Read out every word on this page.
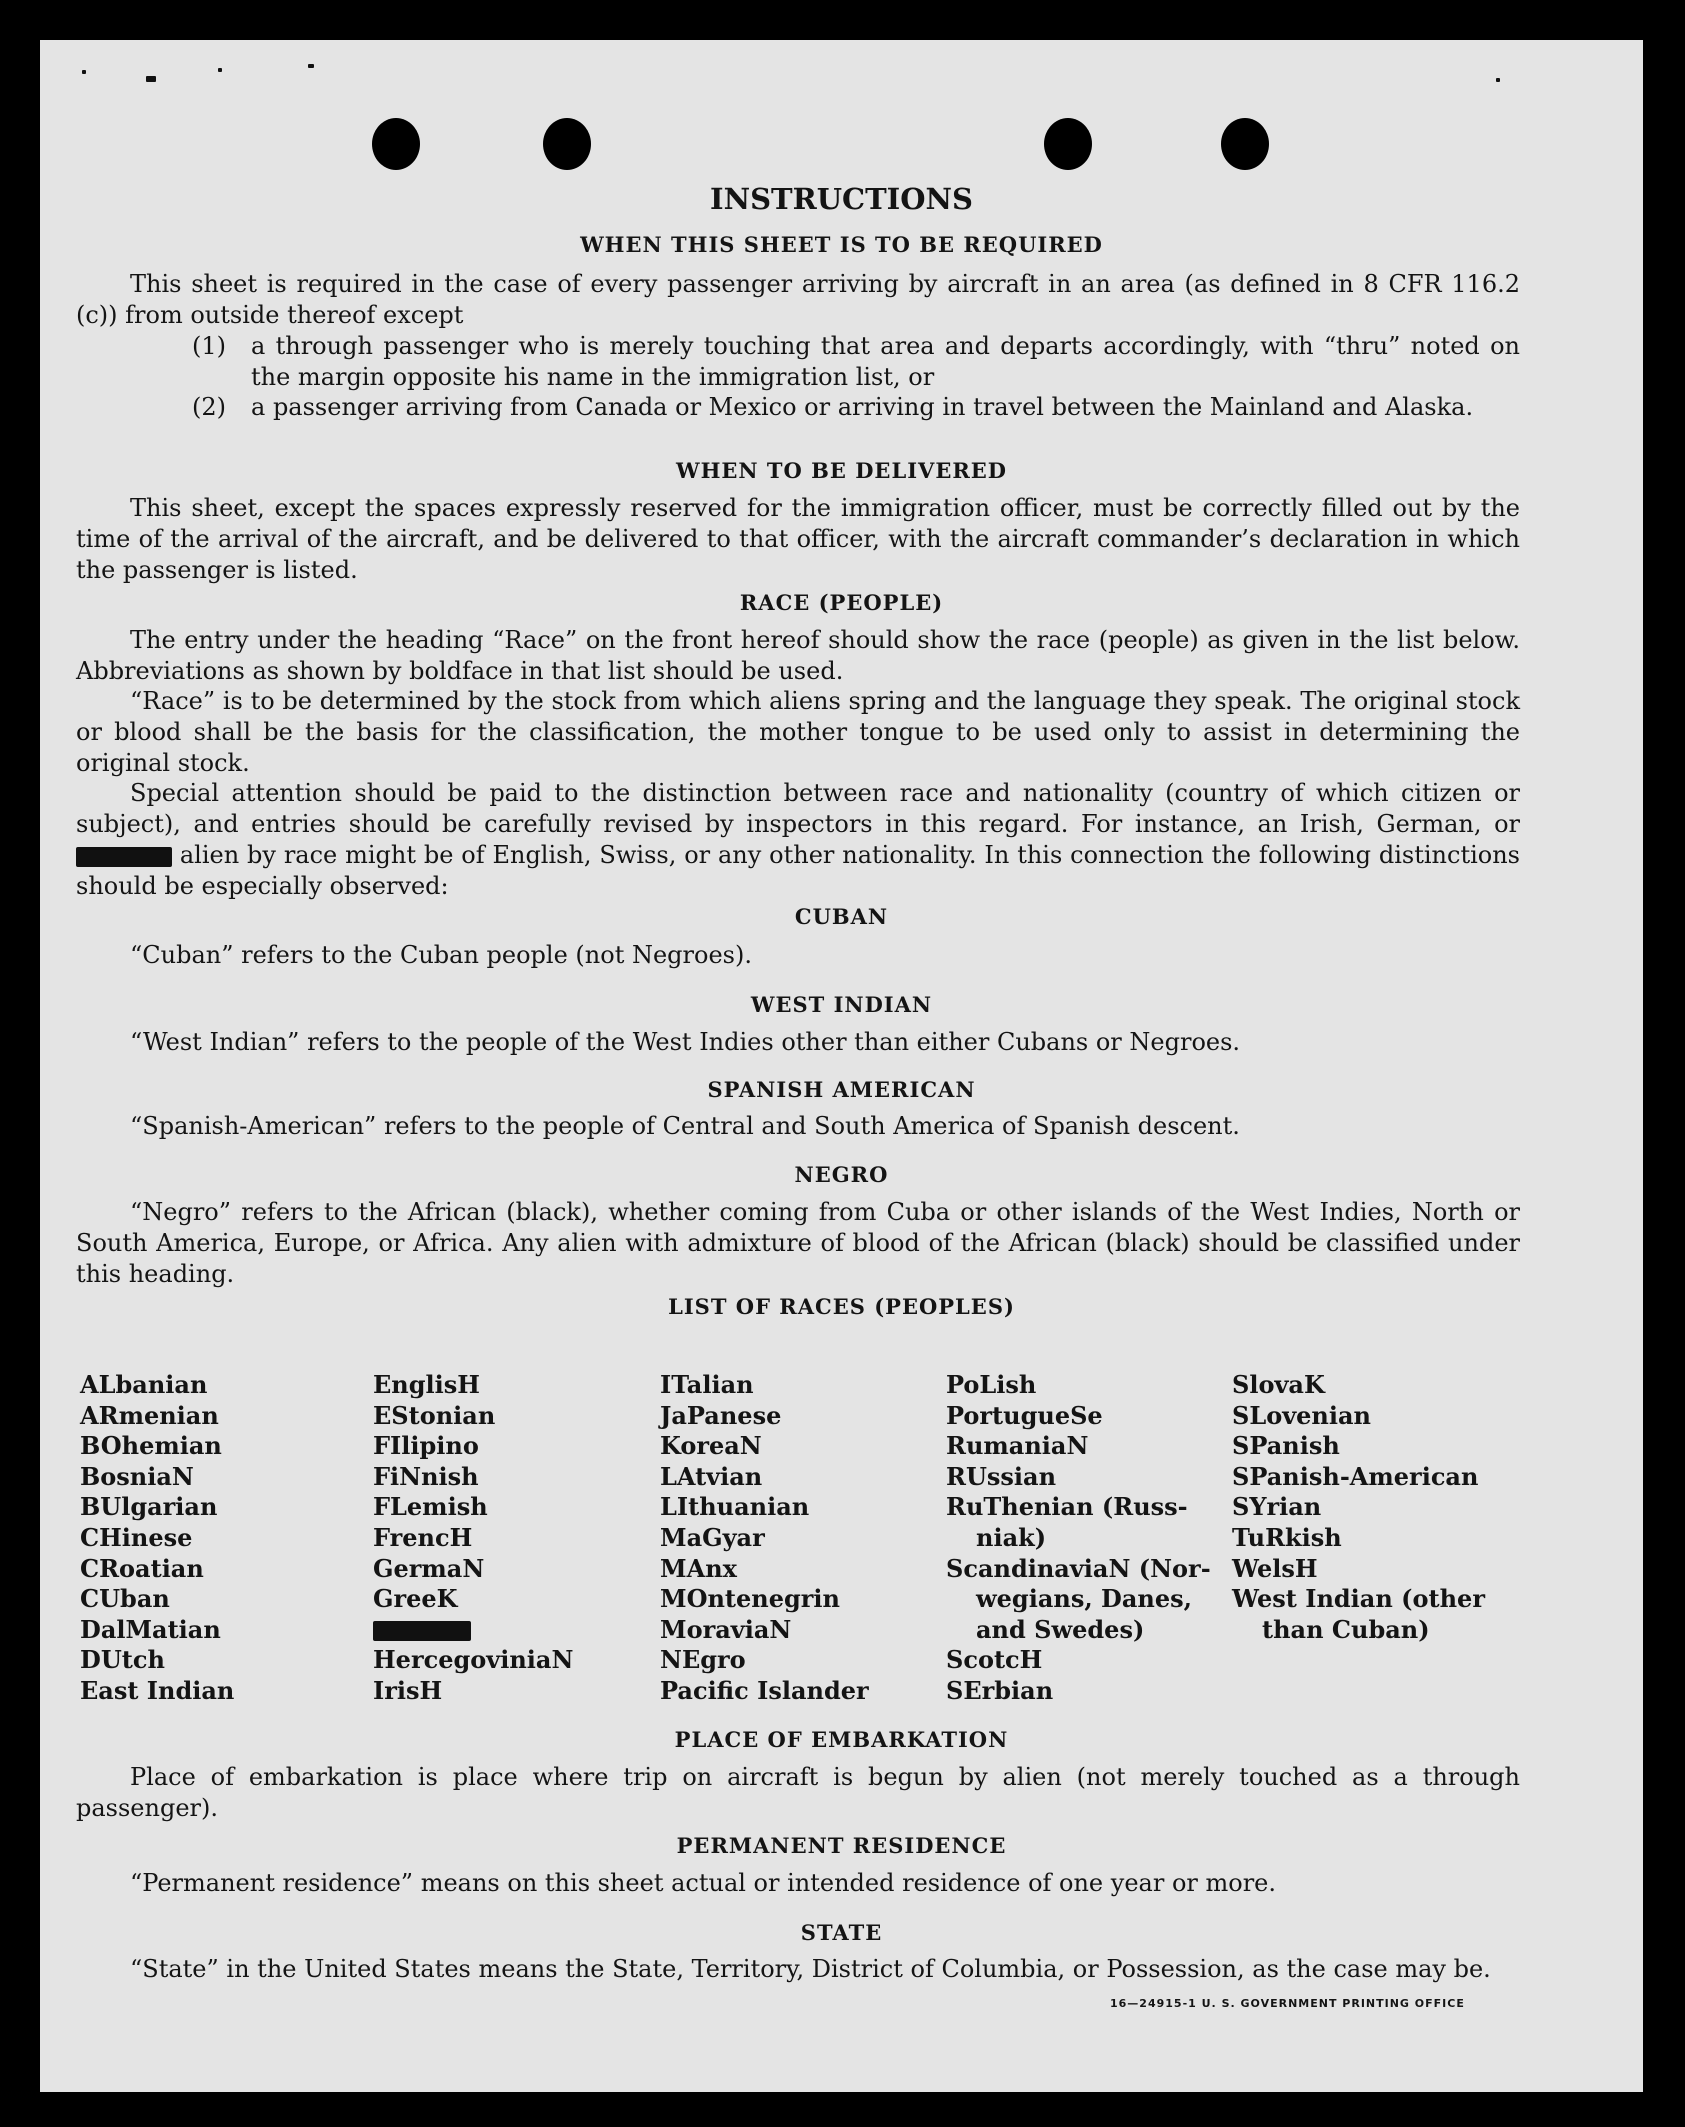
INSTRUCTIONS
WHEN THIS SHEET IS TO BE REQUIRED
This sheet is required in the case of every passenger arriving by aircraft in an area (as defined in 8 CFR 116.2 (c)) from outside thereof except
(1) a through passenger who is merely touching that area and departs accordingly, with “thru” noted on the margin opposite his name in the immigration list, or
(2) a passenger arriving from Canada or Mexico or arriving in travel between the Mainland and Alaska.
WHEN TO BE DELIVERED
This sheet, except the spaces expressly reserved for the immigration officer, must be correctly filled out by the time of the arrival of the aircraft, and be delivered to that officer, with the aircraft commander’s declaration in which the passenger is listed.
RACE (PEOPLE)
The entry under the heading “Race” on the front hereof should show the race (people) as given in the list below. Abbreviations as shown by boldface in that list should be used.
“Race” is to be determined by the stock from which aliens spring and the language they speak. The original stock or blood shall be the basis for the classification, the mother tongue to be used only to assist in determining the original stock.
Special attention should be paid to the distinction between race and nationality (country of which citizen or subject), and entries should be carefully revised by inspectors in this regard. For instance, an Irish, German, or  alien by race might be of English, Swiss, or any other nationality. In this connection the following distinctions should be especially observed:
CUBAN
“Cuban” refers to the Cuban people (not Negroes).
WEST INDIAN
“West Indian” refers to the people of the West Indies other than either Cubans or Negroes.
SPANISH AMERICAN
“Spanish-American” refers to the people of Central and South America of Spanish descent.
NEGRO
“Negro” refers to the African (black), whether coming from Cuba or other islands of the West Indies, North or South America, Europe, or Africa. Any alien with admixture of blood of the African (black) should be classified under this heading.
LIST OF RACES (PEOPLES)
ALbanian
ARmenian
BOhemian
BosniaN
BUlgarian
CHinese
CRoatian
CUban
DalMatian
DUtch
East Indian
EnglisH
EStonian
FIlipino
FiNnish
FLemish
FrencH
GermaN
GreeK
HercegoviniaN
IrisH
ITalian
JaPanese
KoreaN
LAtvian
LIthuanian
MaGyar
MAnx
MOntenegrin
MoraviaN
NEgro
Pacific Islander
PoLish
PortugueSe
RumaniaN
RUssian
RuThenian (Russ-
niak)
ScandinaviaN (Nor-
wegians, Danes,
and Swedes)
ScotcH
SErbian
SlovaK
SLovenian
SPanish
SPanish-American
SYrian
TuRkish
WelsH
West Indian (other
than Cuban)
PLACE OF EMBARKATION
Place of embarkation is place where trip on aircraft is begun by alien (not merely touched as a through passenger).
PERMANENT RESIDENCE
“Permanent residence” means on this sheet actual or intended residence of one year or more.
STATE
“State” in the United States means the State, Territory, District of Columbia, or Possession, as the case may be.
16—24915-1 U. S. GOVERNMENT PRINTING OFFICE
